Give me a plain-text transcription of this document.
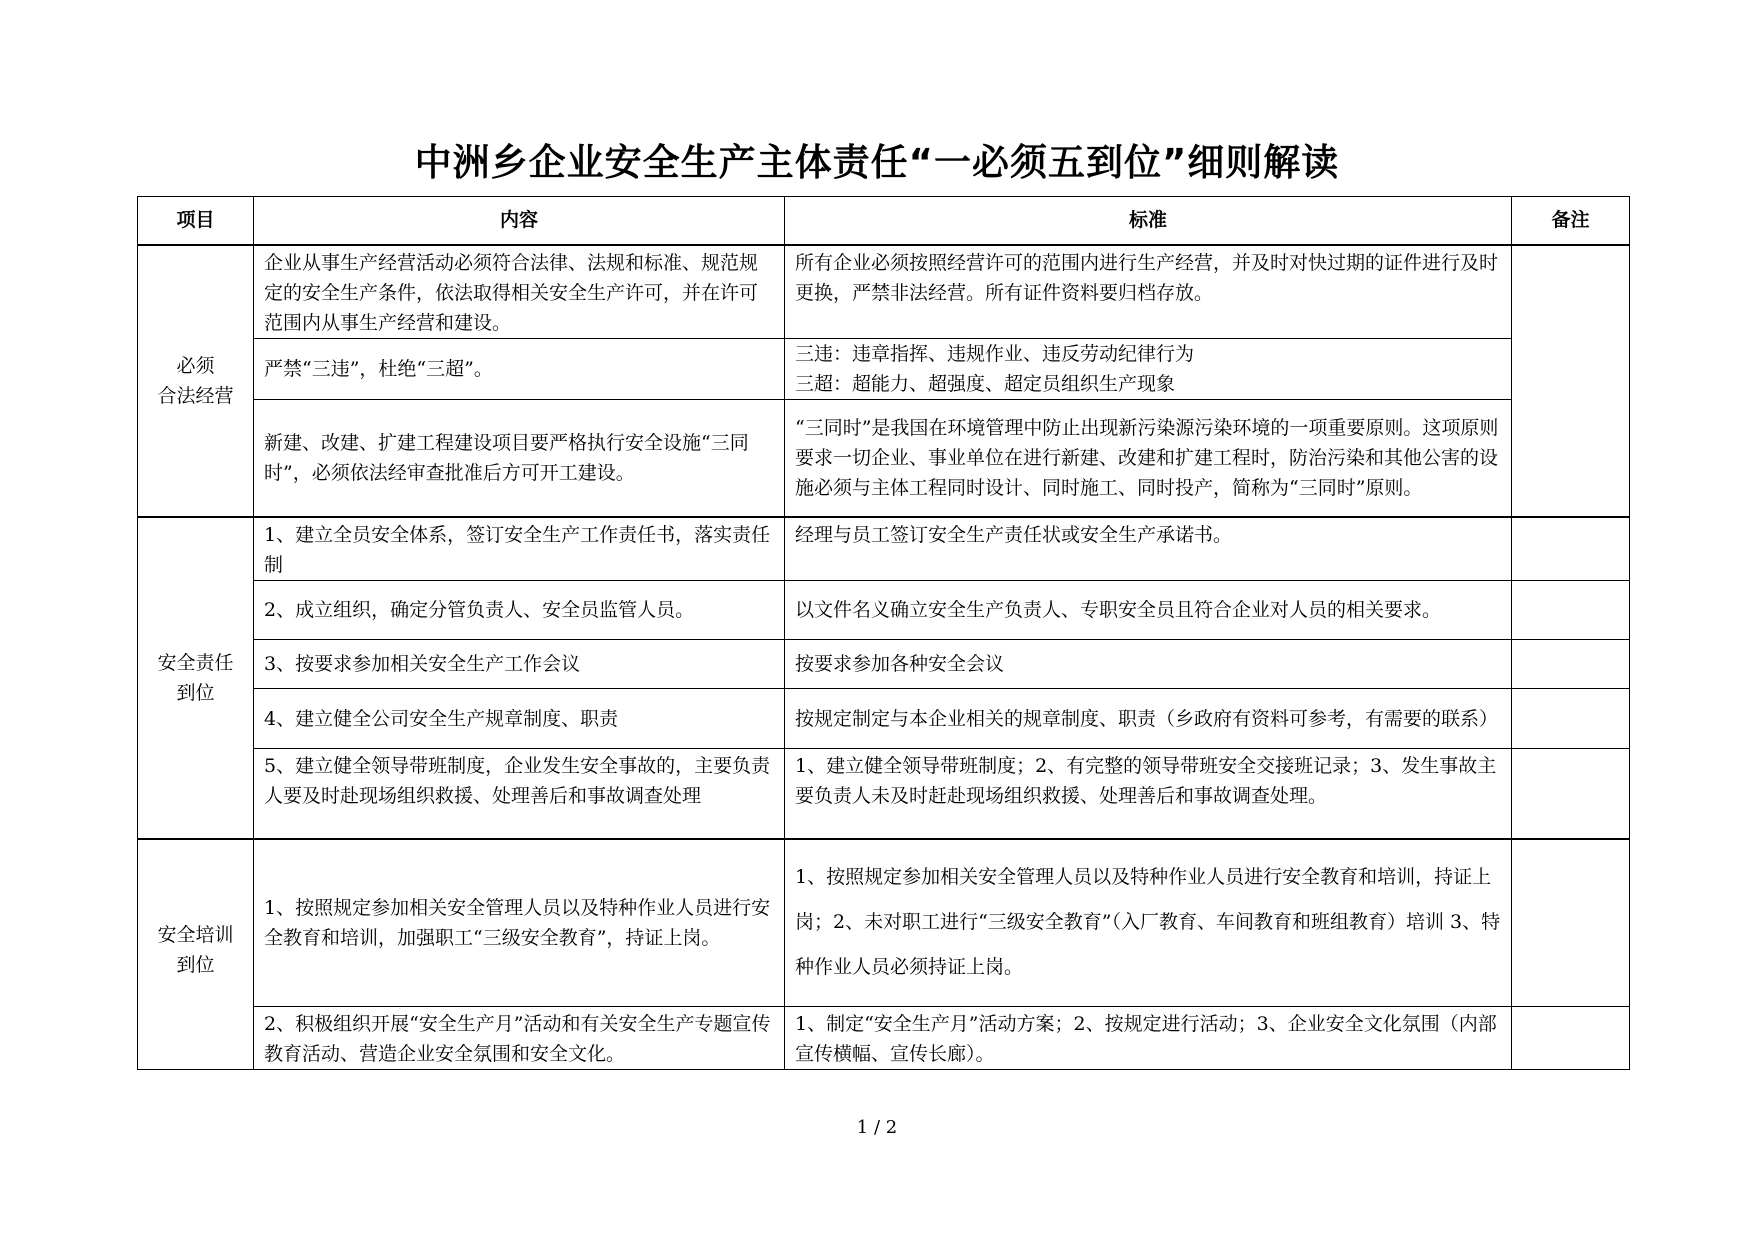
中洲乡企业安全生产主体责任“一必须五到位”细则解读
项目	内容	标准	备注
必须
合法经营	企业从事生产经营活动必须符合法律、法规和标准、规范规定的安全生产条件，依法取得相关安全生产许可，并在许可范围内从事生产经营和建设。	所有企业必须按照经营许可的范围内进行生产经营，并及时对快过期的证件进行及时更换，严禁非法经营。所有证件资料要归档存放。	
	严禁“三违”，杜绝“三超”。	三违：违章指挥、违规作业、违反劳动纪律行为
三超：超能力、超强度、超定员组织生产现象	
	新建、改建、扩建工程建设项目要严格执行安全设施“三同时”，必须依法经审查批准后方可开工建设。	“三同时”是我国在环境管理中防止出现新污染源污染环境的一项重要原则。这项原则要求一切企业、事业单位在进行新建、改建和扩建工程时，防治污染和其他公害的设施必须与主体工程同时设计、同时施工、同时投产，简称为“三同时”原则。	
安全责任
到位	1、建立全员安全体系，签订安全生产工作责任书，落实责任制	经理与员工签订安全生产责任状或安全生产承诺书。	
	2、成立组织，确定分管负责人、安全员监管人员。	以文件名义确立安全生产负责人、专职安全员且符合企业对人员的相关要求。	
	3、按要求参加相关安全生产工作会议	按要求参加各种安全会议	
	4、建立健全公司安全生产规章制度、职责	按规定制定与本企业相关的规章制度、职责（乡政府有资料可参考，有需要的联系）	
	5、建立健全领导带班制度，企业发生安全事故的，主要负责人要及时赴现场组织救援、处理善后和事故调查处理	1、建立健全领导带班制度；2、有完整的领导带班安全交接班记录；3、发生事故主要负责人未及时赶赴现场组织救援、处理善后和事故调查处理。	
安全培训
到位	1、按照规定参加相关安全管理人员以及特种作业人员进行安全教育和培训，加强职工“三级安全教育”，持证上岗。	1、按照规定参加相关安全管理人员以及特种作业人员进行安全教育和培训，持证上岗；2、未对职工进行“三级安全教育”（入厂教育、车间教育和班组教育）培训 3、特种作业人员必须持证上岗。	
	2、积极组织开展“安全生产月”活动和有关安全生产专题宣传教育活动、营造企业安全氛围和安全文化。	1、制定“安全生产月”活动方案；2、按规定进行活动；3、企业安全文化氛围（内部宣传横幅、宣传长廊）。	
1 / 2
